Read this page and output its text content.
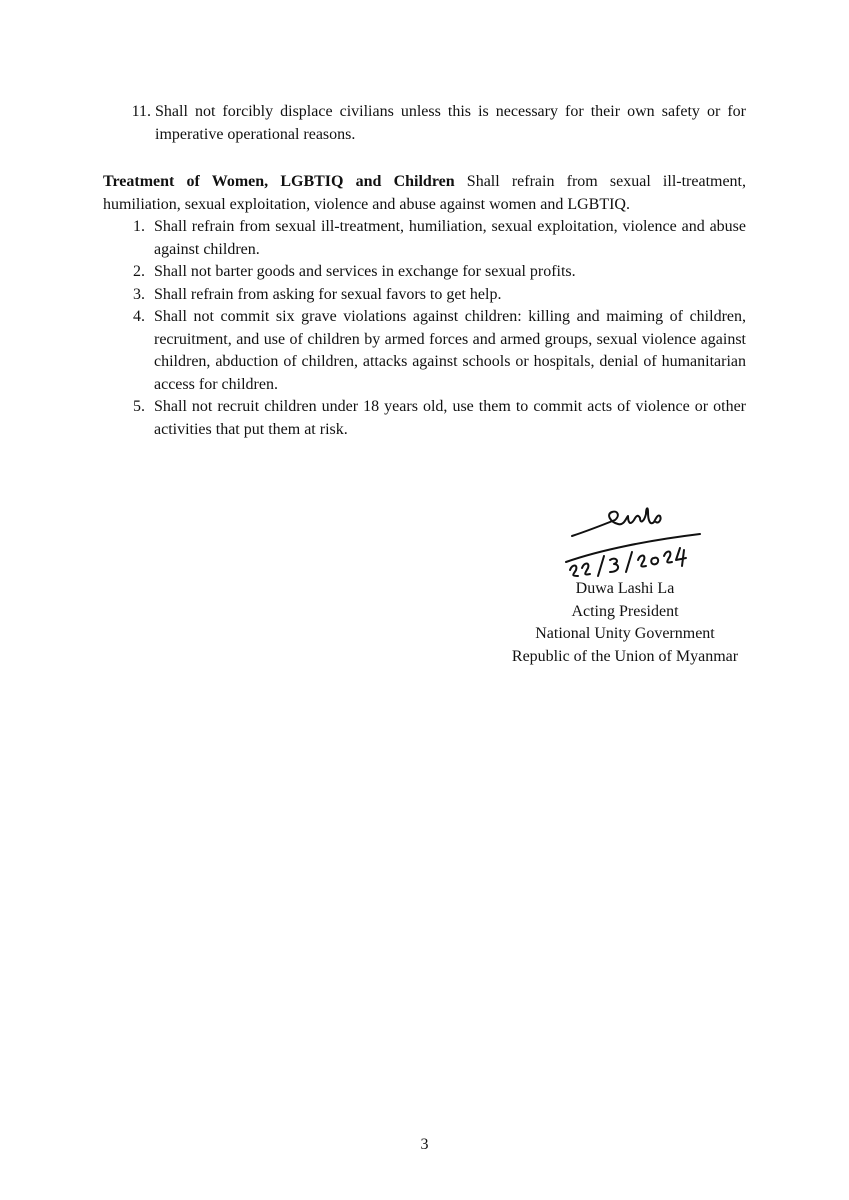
11. Shall not forcibly displace civilians unless this is necessary for their own safety or for imperative operational reasons.

Treatment of Women, LGBTIQ and Children Shall refrain from sexual ill-treatment, humiliation, sexual exploitation, violence and abuse against women and LGBTIQ.

1. Shall refrain from sexual ill-treatment, humiliation, sexual exploitation, violence and abuse against children.
2. Shall not barter goods and services in exchange for sexual profits.
3. Shall refrain from asking for sexual favors to get help.
4. Shall not commit six grave violations against children: killing and maiming of children, recruitment, and use of children by armed forces and armed groups, sexual violence against children, abduction of children, attacks against schools or hospitals, denial of humanitarian access for children.
5. Shall not recruit children under 18 years old, use them to commit acts of violence or other activities that put them at risk.
Duwa Lashi La
Acting President
National Unity Government
Republic of the Union of Myanmar
3
